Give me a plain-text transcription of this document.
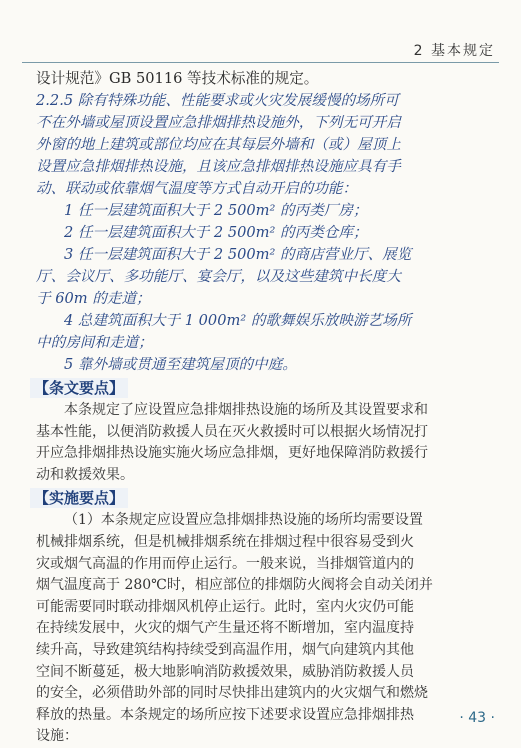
2 基本规定
设计规范》GB 50116 等技术标准的规定。
2.2.5 除有特殊功能、性能要求或火灾发展缓慢的场所可
不在外墙或屋顶设置应急排烟排热设施外，下列无可开启
外窗的地上建筑或部位均应在其每层外墙和（或）屋顶上
设置应急排烟排热设施，且该应急排烟排热设施应具有手
动、联动或依靠烟气温度等方式自动开启的功能：
1 任一层建筑面积大于 2 500m² 的丙类厂房；
2 任一层建筑面积大于 2 500m² 的丙类仓库；
3 任一层建筑面积大于 2 500m² 的商店营业厅、展览
厅、会议厅、多功能厅、宴会厅，以及这些建筑中长度大
于 60m 的走道；
4 总建筑面积大于 1 000m² 的歌舞娱乐放映游艺场所
中的房间和走道；
5 靠外墙或贯通至建筑屋顶的中庭。
【条文要点】
本条规定了应设置应急排烟排热设施的场所及其设置要求和
基本性能，以便消防救援人员在灭火救援时可以根据火场情况打
开应急排烟排热设施实施火场应急排烟，更好地保障消防救援行
动和救援效果。
【实施要点】
（1）本条规定应设置应急排烟排热设施的场所均需要设置
机械排烟系统，但是机械排烟系统在排烟过程中很容易受到火
灾或烟气高温的作用而停止运行。一般来说，当排烟管道内的
烟气温度高于 280℃时，相应部位的排烟防火阀将会自动关闭并
可能需要同时联动排烟风机停止运行。此时，室内火灾仍可能
在持续发展中，火灾的烟气产生量还将不断增加，室内温度持
续升高，导致建筑结构持续受到高温作用，烟气向建筑内其他
空间不断蔓延，极大地影响消防救援效果，威胁消防救援人员
的安全，必须借助外部的同时尽快排出建筑内的火灾烟气和燃烧
释放的热量。本条规定的场所应按下述要求设置应急排烟排热
设施：
· 43 ·
